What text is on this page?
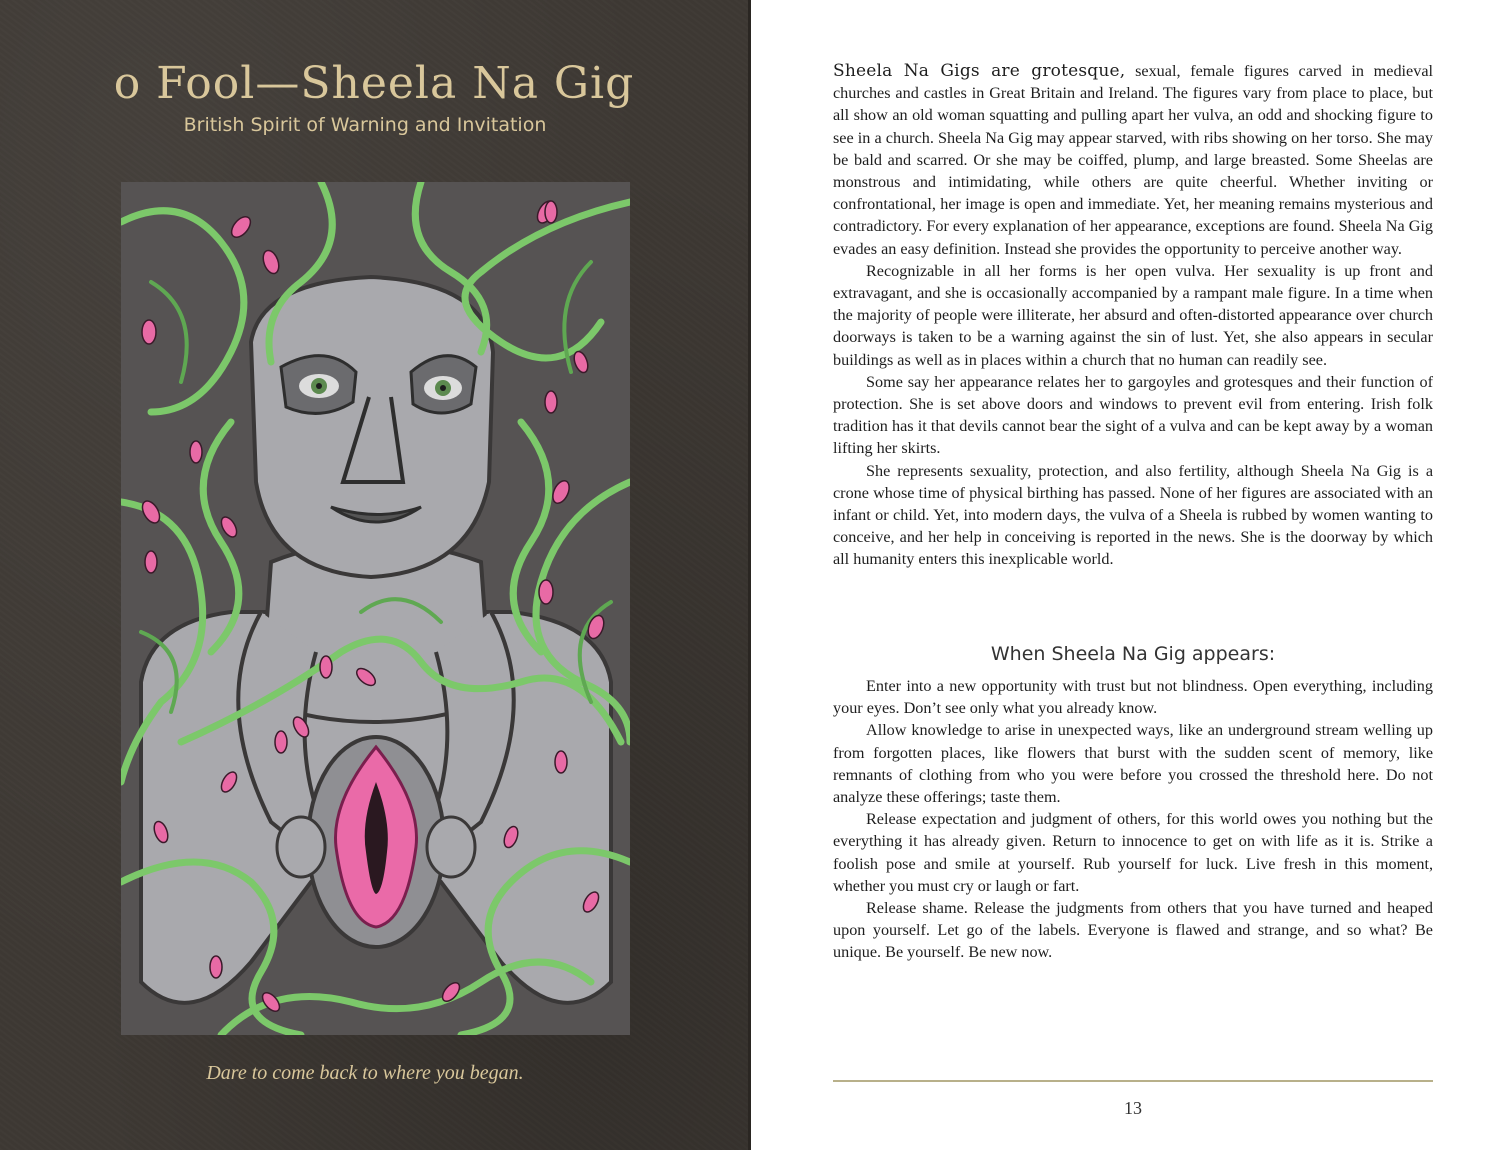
o Fool—Sheela Na Gig
British Spirit of Warning and Invitation
Dare to come back to where you began.

Sheela Na Gigs are grotesque, sexual, female figures carved in medieval churches and castles in Great Britain and Ireland. The figures vary from place to place, but all show an old woman squatting and pulling apart her vulva, an odd and shocking figure to see in a church. Sheela Na Gig may appear starved, with ribs showing on her torso. She may be bald and scarred. Or she may be coiffed, plump, and large breasted. Some Sheelas are monstrous and intimidating, while others are quite cheerful. Whether inviting or confrontational, her image is open and immediate. Yet, her meaning remains mysterious and contradictory. For every explanation of her appearance, exceptions are found. Sheela Na Gig evades an easy definition. Instead she provides the opportunity to perceive another way.

Recognizable in all her forms is her open vulva. Her sexuality is up front and extravagant, and she is occasionally accompanied by a rampant male figure. In a time when the majority of people were illiterate, her absurd and often-distorted appearance over church doorways is taken to be a warning against the sin of lust. Yet, she also appears in secular buildings as well as in places within a church that no human can readily see.

Some say her appearance relates her to gargoyles and grotesques and their function of protection. She is set above doors and windows to prevent evil from entering. Irish folk tradition has it that devils cannot bear the sight of a vulva and can be kept away by a woman lifting her skirts.

She represents sexuality, protection, and also fertility, although Sheela Na Gig is a crone whose time of physical birthing has passed. None of her figures are associated with an infant or child. Yet, into modern days, the vulva of a Sheela is rubbed by women wanting to conceive, and her help in conceiving is reported in the news. She is the doorway by which all humanity enters this inexplicable world.

When Sheela Na Gig appears:

Enter into a new opportunity with trust but not blindness. Open everything, including your eyes. Don’t see only what you already know.

Allow knowledge to arise in unexpected ways, like an underground stream welling up from forgotten places, like flowers that burst with the sudden scent of memory, like remnants of clothing from who you were before you crossed the threshold here. Do not analyze these offerings; taste them.

Release expectation and judgment of others, for this world owes you nothing but the everything it has already given. Return to innocence to get on with life as it is. Strike a foolish pose and smile at yourself. Rub yourself for luck. Live fresh in this moment, whether you must cry or laugh or fart.

Release shame. Release the judgments from others that you have turned and heaped upon yourself. Let go of the labels. Everyone is flawed and strange, and so what? Be unique. Be yourself. Be new now.

13
